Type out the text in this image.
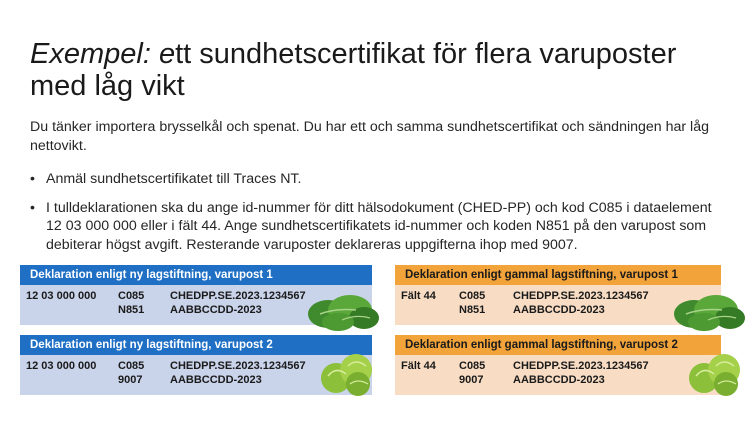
Exempel: ett sundhetscertifikat för flera varuposter med låg vikt
Du tänker importera brysselkål och spenat. Du har ett och samma sundhetscertifikat och sändningen har låg nettovikt.
• Anmäl sundhetscertifikatet till Traces NT.
• I tulldeklarationen ska du ange id-nummer för ditt hälsodokument (CHED-PP) och kod C085 i dataelement 12 03 000 000 eller i fält 44. Ange sundhetscertifikatets id-nummer och koden N851 på den varupost som debiterar högst avgift. Resterande varuposter deklareras uppgifterna ihop med 9007.
Deklaration enligt ny lagstiftning, varupost 1
12 03 000 000 C085
N851
CHEDPP.SE.2023.1234567
AABBCCDD-2023
Deklaration enligt ny lagstiftning, varupost 2
12 03 000 000 C085
9007
CHEDPP.SE.2023.1234567
AABBCCDD-2023
Deklaration enligt gammal lagstiftning, varupost 1
Fält 44 C085
N851
CHEDPP.SE.2023.1234567
AABBCCDD-2023
Deklaration enligt gammal lagstiftning, varupost 2
Fält 44 C085
9007
CHEDPP.SE.2023.1234567
AABBCCDD-2023
